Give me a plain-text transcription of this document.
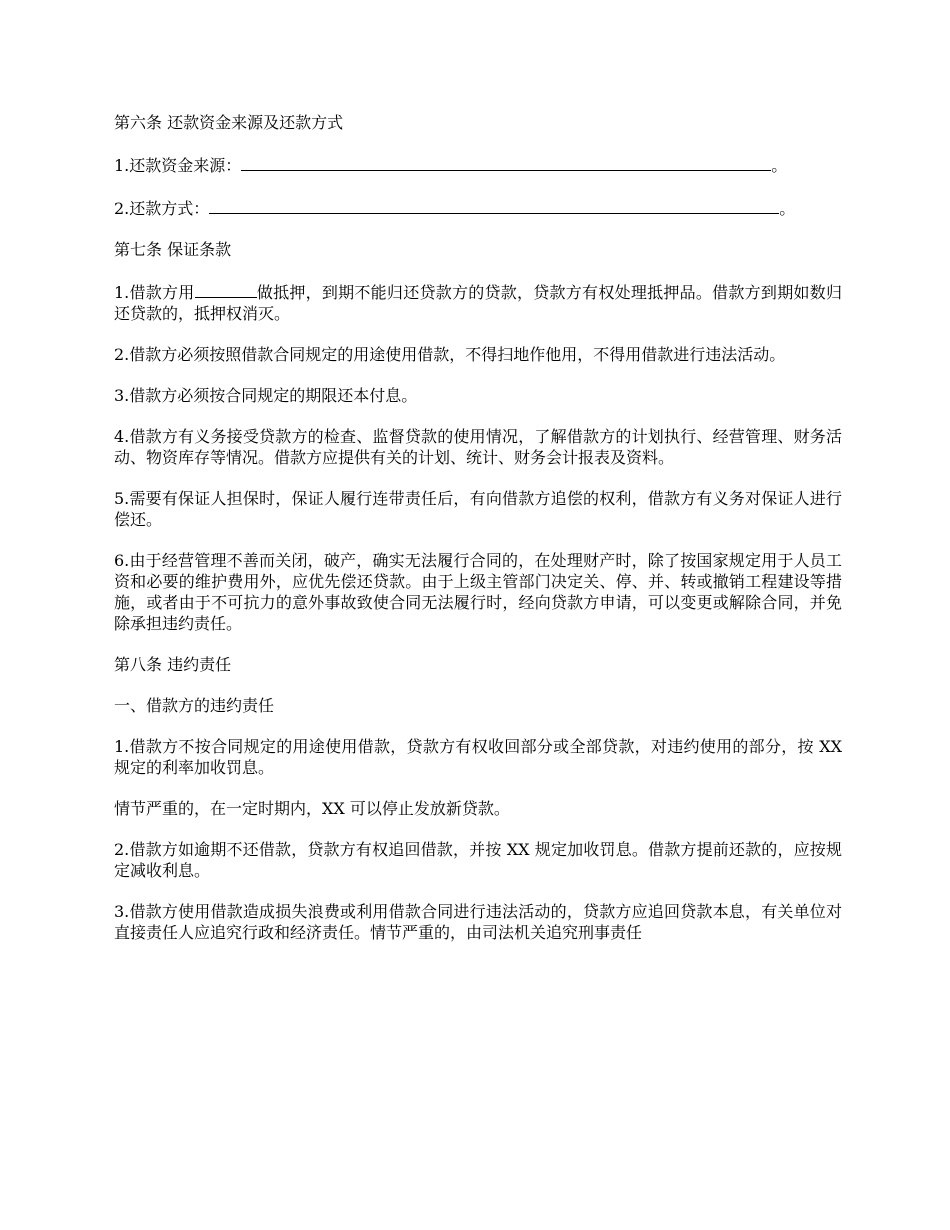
第六条 还款资金来源及还款方式

1.还款资金来源：	。

2.还款方式：	。

第七条 保证条款

1.借款方用	做抵押，到期不能归还贷款方的贷款，贷款方有权处理抵押品。借款方到期如数归还贷款的，抵押权消灭。

2.借款方必须按照借款合同规定的用途使用借款，不得扫地作他用，不得用借款进行违法活动。

3.借款方必须按合同规定的期限还本付息。

4.借款方有义务接受贷款方的检查、监督贷款的使用情况，了解借款方的计划执行、经营管理、财务活动、物资库存等情况。借款方应提供有关的计划、统计、财务会计报表及资料。

5.需要有保证人担保时，保证人履行连带责任后，有向借款方追偿的权利，借款方有义务对保证人进行偿还。

6.由于经营管理不善而关闭，破产，确实无法履行合同的，在处理财产时，除了按国家规定用于人员工资和必要的维护费用外，应优先偿还贷款。由于上级主管部门决定关、停、并、转或撤销工程建设等措施，或者由于不可抗力的意外事故致使合同无法履行时，经向贷款方申请，可以变更或解除合同，并免除承担违约责任。

第八条 违约责任

一、借款方的违约责任

1.借款方不按合同规定的用途使用借款，贷款方有权收回部分或全部贷款，对违约使用的部分，按 XX 规定的利率加收罚息。

情节严重的，在一定时期内，XX 可以停止发放新贷款。

2.借款方如逾期不还借款，贷款方有权追回借款，并按 XX 规定加收罚息。借款方提前还款的，应按规定减收利息。

3.借款方使用借款造成损失浪费或利用借款合同进行违法活动的，贷款方应追回贷款本息，有关单位对直接责任人应追究行政和经济责任。情节严重的，由司法机关追究刑事责任
